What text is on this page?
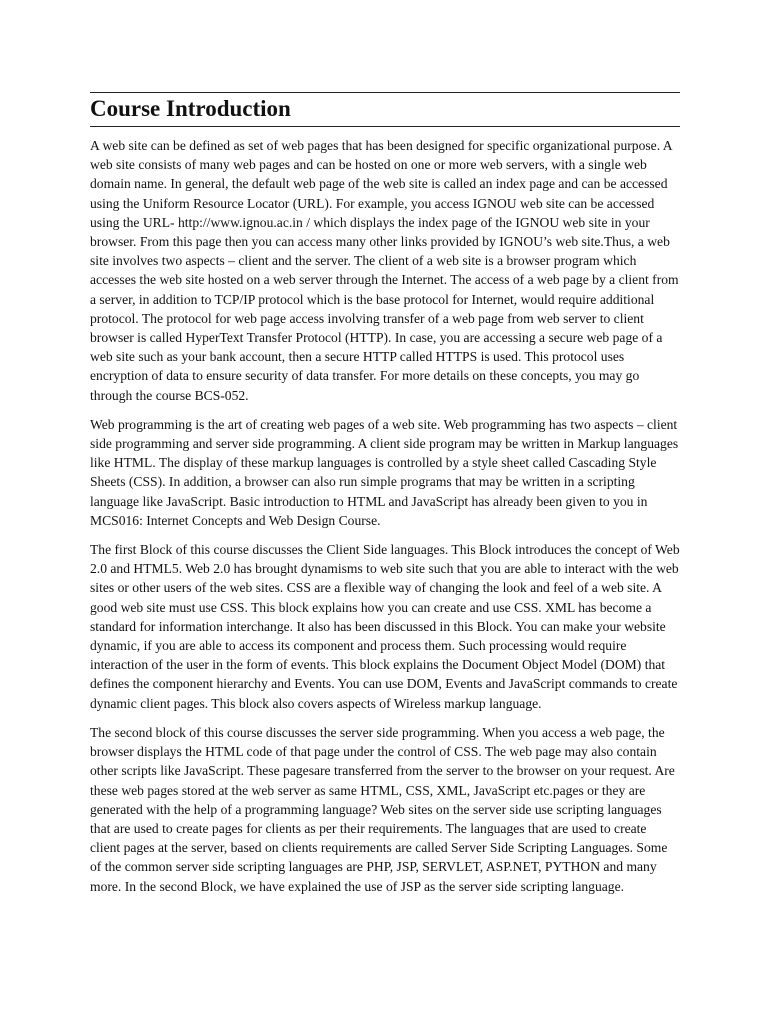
Course Introduction

A web site can be defined as set of web pages that has been designed for specific organizational purpose. A web site consists of many web pages and can be hosted on one or more web servers, with a single web domain name. In general, the default web page of the web site is called an index page and can be accessed using the Uniform Resource Locator (URL). For example, you access IGNOU web site can be accessed using the URL- http://www.ignou.ac.in / which displays the index page of the IGNOU web site in your browser. From this page then you can access many other links provided by IGNOU’s web site.Thus, a web site involves two aspects – client and the server. The client of a web site is a browser program which accesses the web site hosted on a web server through the Internet. The access of a web page by a client from a server, in addition to TCP/IP protocol which is the base protocol for Internet, would require additional protocol. The protocol for web page access involving transfer of a web page from web server to client browser is called HyperText Transfer Protocol (HTTP). In case, you are accessing a secure web page of a web site such as your bank account, then a secure HTTP called HTTPS is used. This protocol uses encryption of data to ensure security of data transfer. For more details on these concepts, you may go through the course BCS-052.

Web programming is the art of creating web pages of a web site. Web programming has two aspects – client side programming and server side programming. A client side program may be written in Markup languages like HTML. The display of these markup languages is controlled by a style sheet called Cascading Style Sheets (CSS). In addition, a browser can also run simple programs that may be written in a scripting language like JavaScript. Basic introduction to HTML and JavaScript has already been given to you in MCS016: Internet Concepts and Web Design Course.

The first Block of this course discusses the Client Side languages. This Block introduces the concept of Web 2.0 and HTML5. Web 2.0 has brought dynamisms to web site such that you are able to interact with the web sites or other users of the web sites. CSS are a flexible way of changing the look and feel of a web site. A good web site must use CSS. This block explains how you can create and use CSS. XML has become a standard for information interchange. It also has been discussed in this Block. You can make your website dynamic, if you are able to access its component and process them. Such processing would require interaction of the user in the form of events. This block explains the Document Object Model (DOM) that defines the component hierarchy and Events. You can use DOM, Events and JavaScript commands to create dynamic client pages. This block also covers aspects of Wireless markup language.

The second block of this course discusses the server side programming. When you access a web page, the browser displays the HTML code of that page under the control of CSS. The web page may also contain other scripts like JavaScript. These pagesare transferred from the server to the browser on your request. Are these web pages stored at the web server as same HTML, CSS, XML, JavaScript etc.pages or they are generated with the help of a programming language? Web sites on the server side use scripting languages that are used to create pages for clients as per their requirements. The languages that are used to create client pages at the server, based on clients requirements are called Server Side Scripting Languages. Some of the common server side scripting languages are PHP, JSP, SERVLET, ASP.NET, PYTHON and many more. In the second Block, we have explained the use of JSP as the server side scripting language.
